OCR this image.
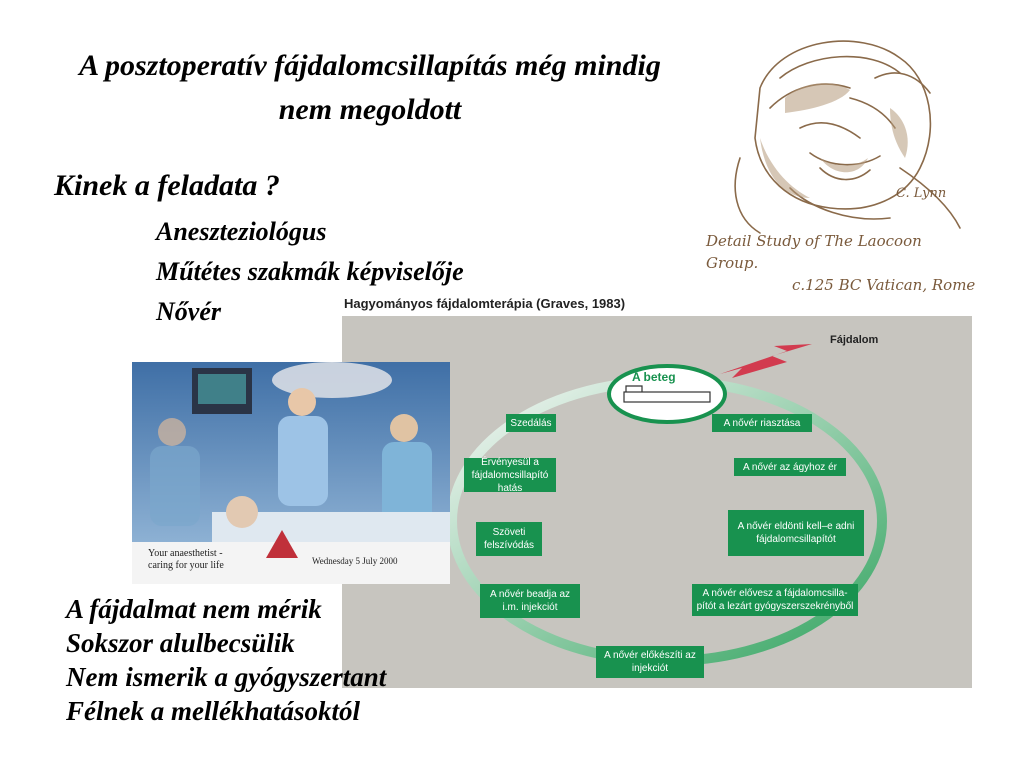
A posztoperatív fájdalomcsillapítás még mindig
nem megoldott
Kinek a feladata ?
Aneszteziológus
Műtétes szakmák képviselője
Nővér
C. Lynn
Detail Study of The Laocoon Group.
c.125 BC Vatican, Rome
Hagyományos fájdalomterápia (Graves, 1983)
Fájdalom
A beteg
A nővér riasztása
A nővér az ágyhoz ér
A nővér eldönti kell–e adni fájdalomcsillapítót
A nővér elővesz a fájdalomcsilla-pítót a lezárt gyógyszerszekrényből
A nővér előkészíti az injekciót
A nővér beadja az i.m. injekciót
Szöveti felszívódás
Érvényesül a fájdalomcsillapító hatás
Szedálás
Your anaesthetist - caring for your life	Wednesday 5 July 2000
A fájdalmat nem mérik
Sokszor alulbecsülik
Nem ismerik a gyógyszertant
Félnek a mellékhatásoktól
